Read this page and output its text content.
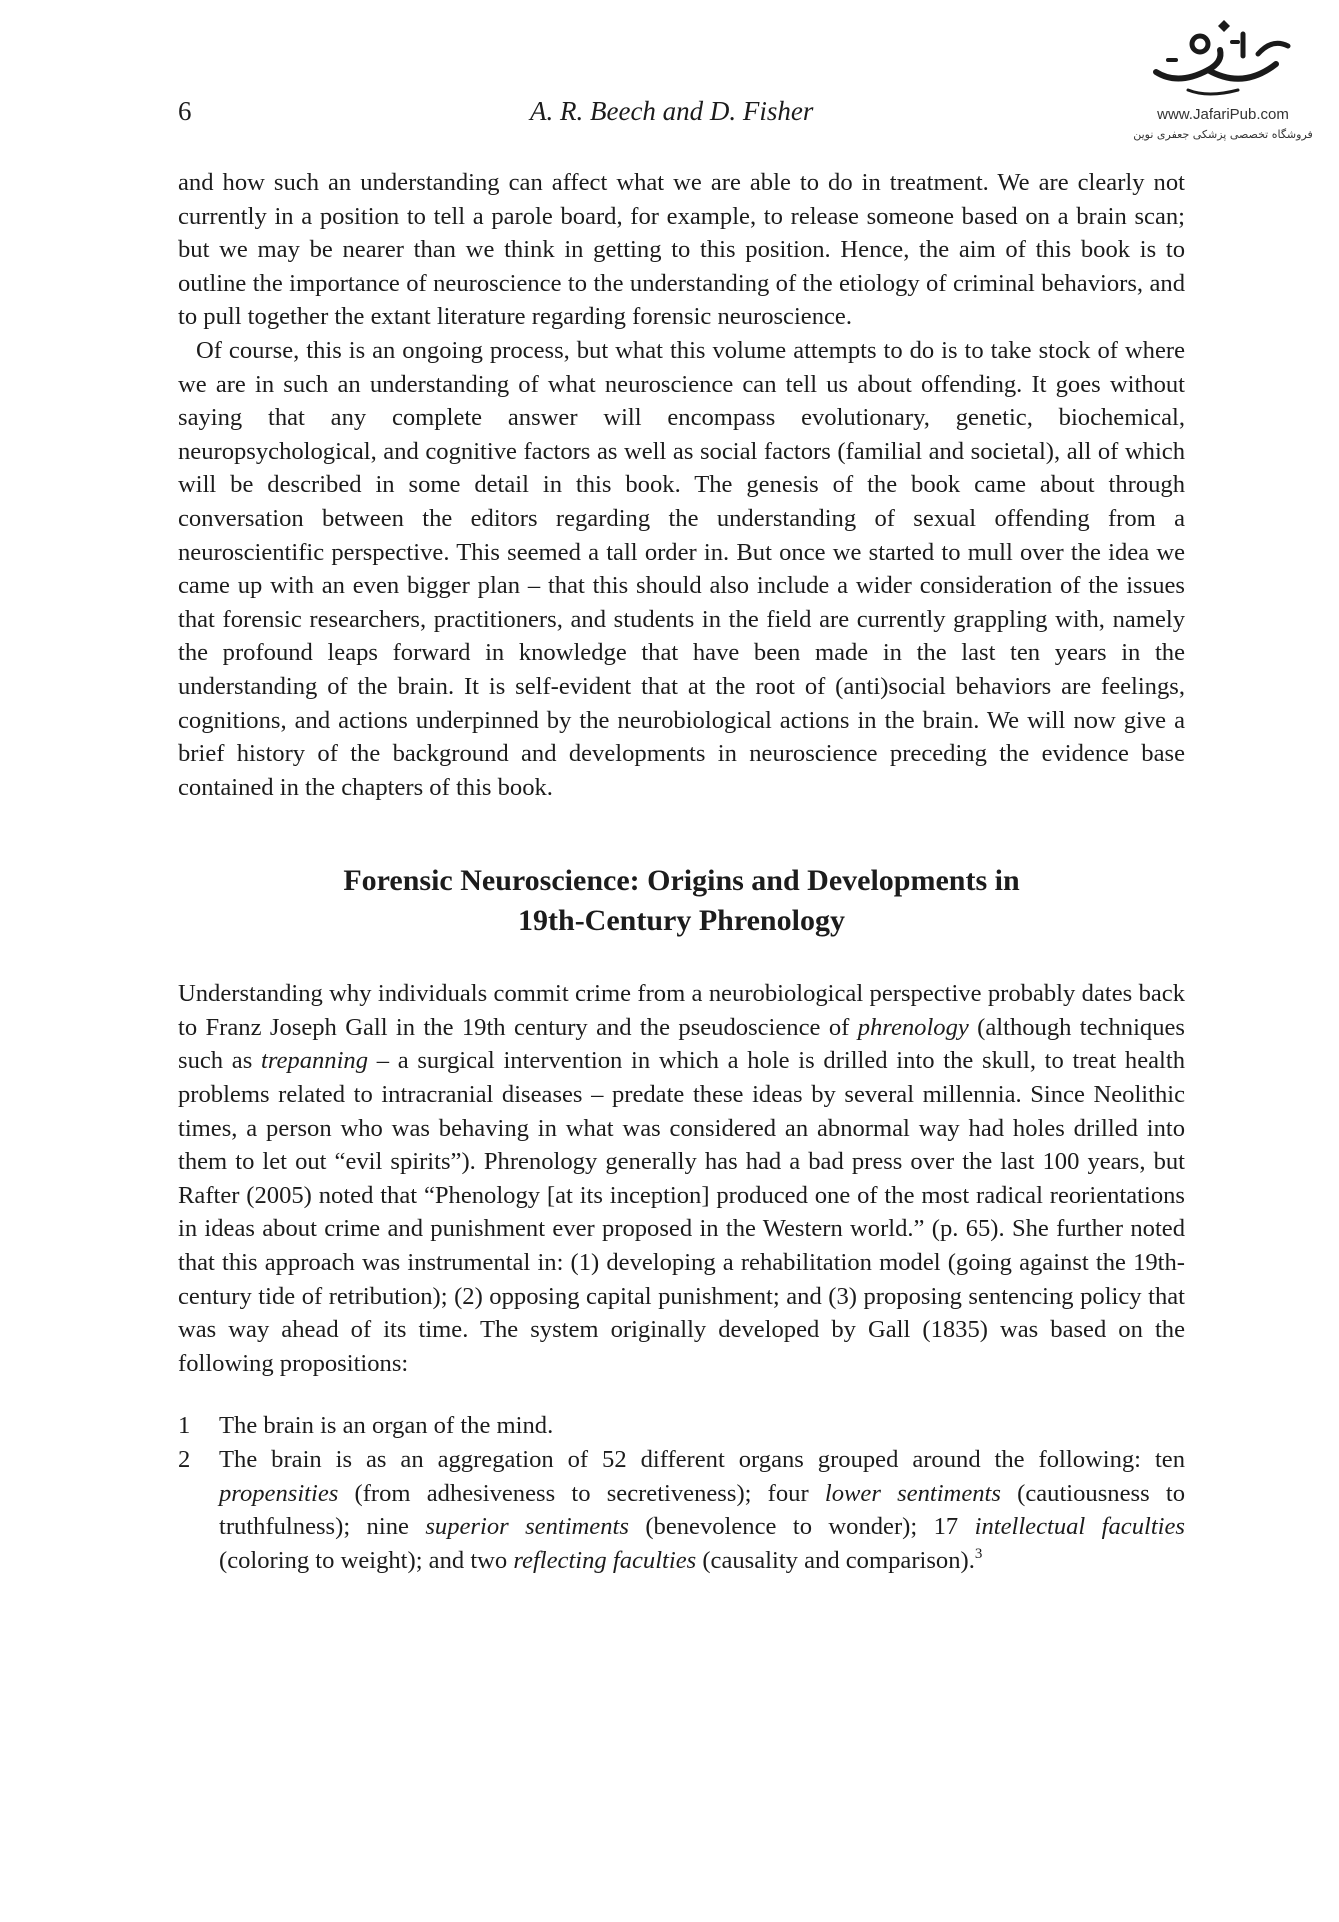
www.JafariPub.com
فروشگاه تخصصی پزشکی جعفری نوین
6	A. R. Beech and D. Fisher

and how such an understanding can affect what we are able to do in treatment. We are clearly not currently in a position to tell a parole board, for example, to release someone based on a brain scan; but we may be nearer than we think in getting to this position. Hence, the aim of this book is to outline the importance of neuroscience to the understanding of the etiology of criminal behaviors, and to pull together the extant literature regarding forensic neuroscience.

Of course, this is an ongoing process, but what this volume attempts to do is to take stock of where we are in such an understanding of what neuroscience can tell us about offending. It goes without saying that any complete answer will encompass evolutionary, genetic, biochemical, neuropsychological, and cognitive factors as well as social factors (familial and societal), all of which will be described in some detail in this book. The genesis of the book came about through conversation between the editors regarding the understanding of sexual offending from a neuroscientific perspective. This seemed a tall order in. But once we started to mull over the idea we came up with an even bigger plan – that this should also include a wider consideration of the issues that forensic researchers, practitioners, and students in the field are currently grappling with, namely the profound leaps forward in knowledge that have been made in the last ten years in the understanding of the brain. It is self-evident that at the root of (anti)social behaviors are feelings, cognitions, and actions underpinned by the neurobiological actions in the brain. We will now give a brief history of the background and developments in neuroscience preceding the evidence base contained in the chapters of this book.

Forensic Neuroscience: Origins and Developments in
19th-Century Phrenology

Understanding why individuals commit crime from a neurobiological perspective probably dates back to Franz Joseph Gall in the 19th century and the pseudoscience of phrenology (although techniques such as trepanning – a surgical intervention in which a hole is drilled into the skull, to treat health problems related to intracranial diseases – predate these ideas by several millennia. Since Neolithic times, a person who was behaving in what was considered an abnormal way had holes drilled into them to let out “evil spirits”). Phrenology generally has had a bad press over the last 100 years, but Rafter (2005) noted that “Phenology [at its inception] produced one of the most radical reorientations in ideas about crime and punishment ever proposed in the Western world.” (p. 65). She further noted that this approach was instrumental in: (1) developing a rehabilitation model (going against the 19th-century tide of retribution); (2) opposing capital punishment; and (3) proposing sentencing policy that was way ahead of its time. The system originally developed by Gall (1835) was based on the following propositions:

1 The brain is an organ of the mind.
2 The brain is as an aggregation of 52 different organs grouped around the following: ten propensities (from adhesiveness to secretiveness); four lower sentiments (cautiousness to truthfulness); nine superior sentiments (benevolence to wonder); 17 intellectual faculties (coloring to weight); and two reflecting faculties (causality and comparison).$^3$
